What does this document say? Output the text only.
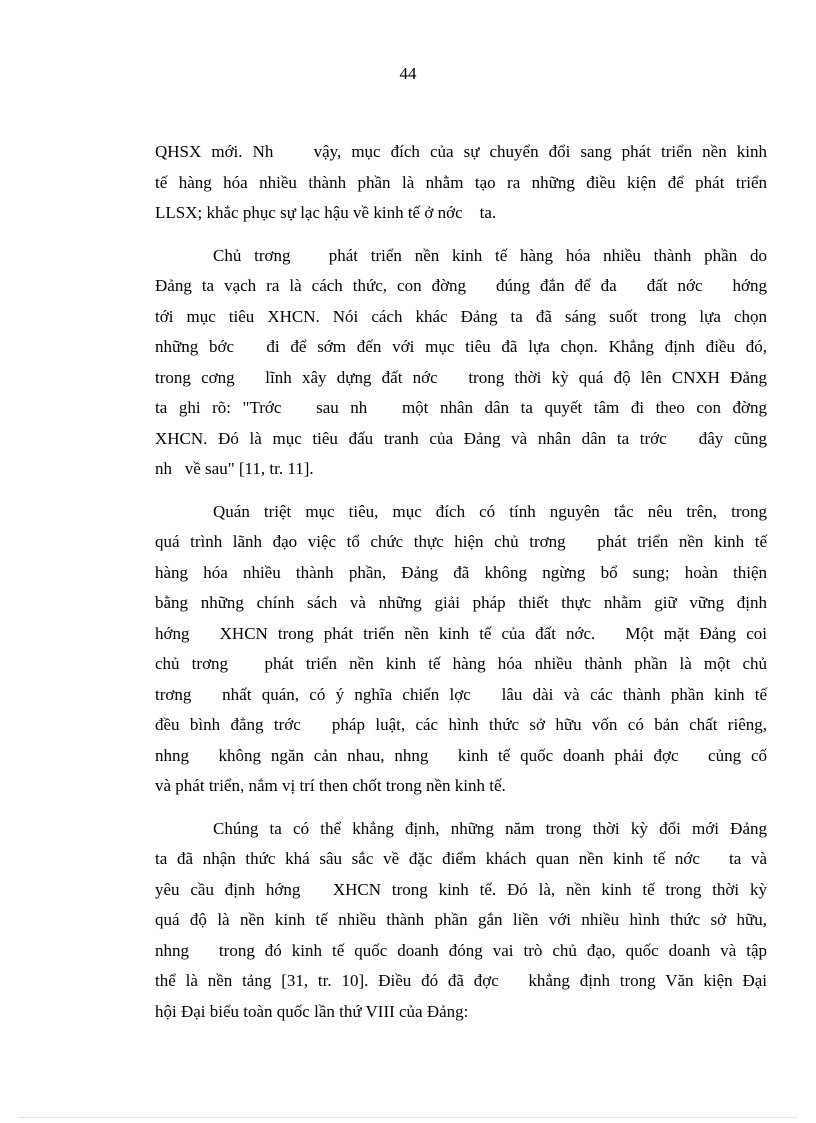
44
QHSX mới. Nh    vậy, mục đích của sự chuyển đổi sang phát triển nền kinh
tế hàng hóa nhiều thành phần là nhằm tạo ra những điều kiện để phát triển
LLSX; khắc phục sự lạc hậu về kinh tế ở nớc    ta.
Chủ trơng   phát triển nền kinh tế hàng hóa nhiều thành phần do
Đảng ta vạch ra là cách thức, con đờng   đúng đắn để đa   đất nớc   hớng
tới mục tiêu XHCN. Nói cách khác Đảng ta đã sáng suốt trong lựa chọn
những bớc   đi để sớm đến với mục tiêu đã lựa chọn. Khẳng định điều đó,
trong cơng   lĩnh xây dựng đất nớc   trong thời kỳ quá độ lên CNXH Đảng
ta ghi rõ: "Trớc   sau nh   một nhân dân ta quyết tâm đi theo con đờng
XHCN. Đó là mục tiêu đấu tranh của Đảng và nhân dân ta trớc   đây cũng
nh   về sau" [11, tr. 11].
Quán triệt mục tiêu, mục đích có tính nguyên tắc nêu trên, trong
quá trình lãnh đạo việc tổ chức thực hiện chủ trơng   phát triển nền kinh tế
hàng hóa nhiều thành phần, Đảng đã không ngừng bổ sung; hoàn thiện
bằng những chính sách và những giải pháp thiết thực nhằm giữ vững định
hớng   XHCN trong phát triển nền kinh tế của đất nớc.   Một mặt Đảng coi
chủ trơng   phát triển nền kinh tế hàng hóa nhiều thành phần là một chủ
trơng   nhất quán, có ý nghĩa chiến lợc   lâu dài và các thành phần kinh tế
đều bình đẳng trớc   pháp luật, các hình thức sở hữu vốn có bản chất riêng,
nhng   không ngăn cản nhau, nhng   kinh tế quốc doanh phải đợc   củng cố
và phát triển, nắm vị trí then chốt trong nền kinh tế.
Chúng ta có thể khẳng định, những năm trong thời kỳ đổi mới Đảng
ta đã nhận thức khá sâu sắc về đặc điểm khách quan nền kinh tế nớc   ta và
yêu cầu định hớng   XHCN trong kinh tế. Đó là, nền kinh tế trong thời kỳ
quá độ là nền kinh tế nhiều thành phần gắn liền với nhiều hình thức sở hữu,
nhng   trong đó kinh tế quốc doanh đóng vai trò chủ đạo, quốc doanh và tập
thể là nền tảng [31, tr. 10]. Điều đó đã đợc   khẳng định trong Văn kiện Đại
hội Đại biểu toàn quốc lần thứ VIII của Đảng:
